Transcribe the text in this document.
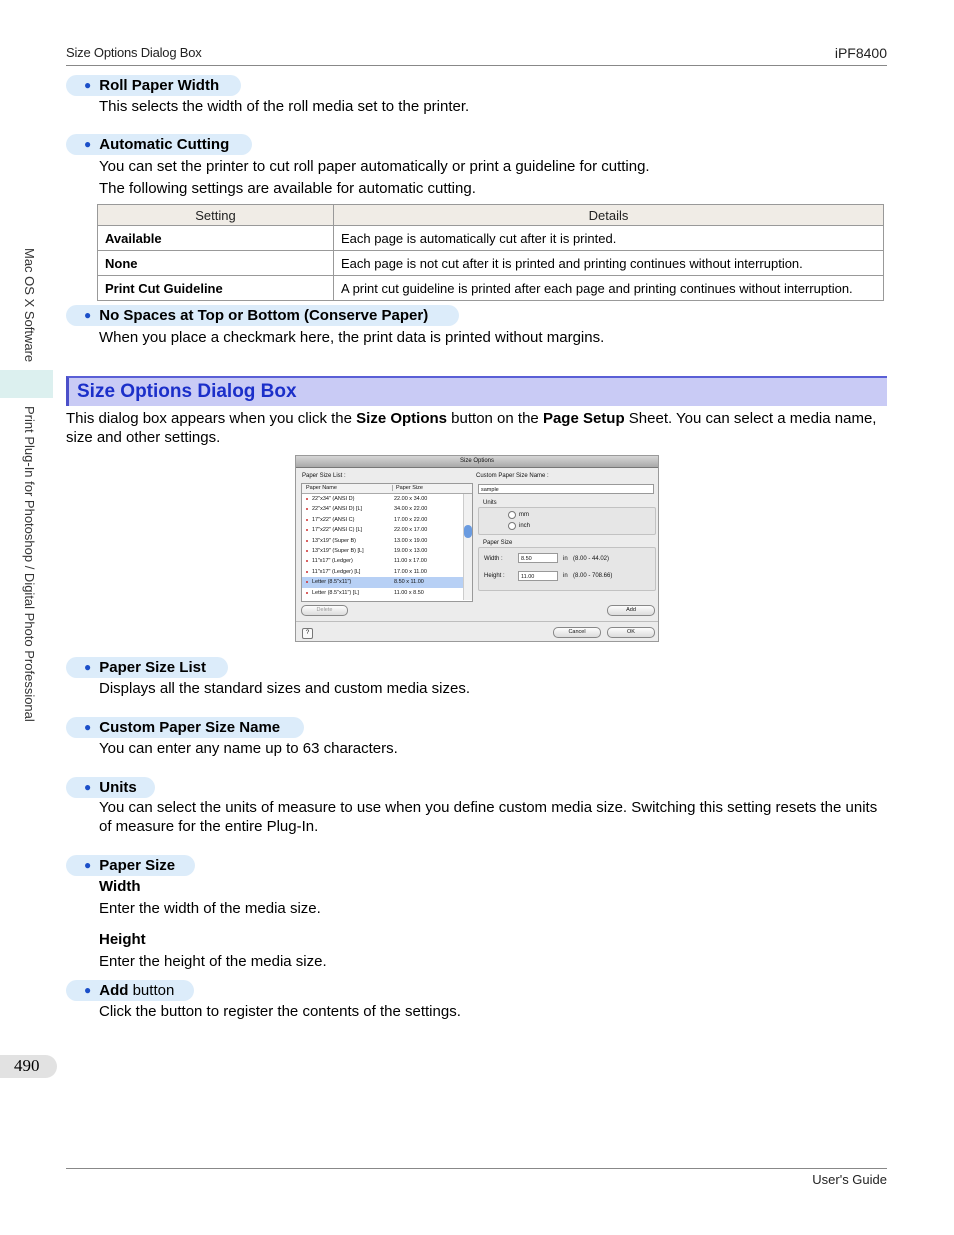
Size Options Dialog Box	iPF8400
Mac OS X Software
Print Plug-In for Photoshop / Digital Photo Professional
490
User's Guide
● Roll Paper Width
This selects the width of the roll media set to the printer.
● Automatic Cutting
You can set the printer to cut roll paper automatically or print a guideline for cutting.
The following settings are available for automatic cutting.
Setting	Details
Available	Each page is automatically cut after it is printed.
None	Each page is not cut after it is printed and printing continues without interruption.
Print Cut Guideline	A print cut guideline is printed after each page and printing continues without interruption.
● No Spaces at Top or Bottom (Conserve Paper)
When you place a checkmark here, the print data is printed without margins.
Size Options Dialog Box
This dialog box appears when you click the Size Options button on the Page Setup Sheet. You can select a media name, size and other settings.
Size Options
Paper Size List :
Paper Name	Paper Size
22"x34" (ANSI D)	22.00 x 34.00
22"x34" (ANSI D) [L]	34.00 x 22.00
17"x22" (ANSI C)	17.00 x 22.00
17"x22" (ANSI C) [L]	22.00 x 17.00
13"x19" (Super B)	13.00 x 19.00
13"x19" (Super B) [L]	19.00 x 13.00
11"x17" (Ledger)	11.00 x 17.00
11"x17" (Ledger) [L]	17.00 x 11.00
Letter (8.5"x11")	8.50 x 11.00
Letter (8.5"x11") [L]	11.00 x 8.50
Delete
Custom Paper Size Name :
sample
Units
mm
inch
Paper Size
Width :	8.50	in (8.00 - 44.02)
Height :	11.00	in (8.00 - 708.66)
Add
?	Cancel	OK
● Paper Size List
Displays all the standard sizes and custom media sizes.
● Custom Paper Size Name
You can enter any name up to 63 characters.
● Units
You can select the units of measure to use when you define custom media size. Switching this setting resets the units of measure for the entire Plug-In.
● Paper Size
Width
Enter the width of the media size.
Height
Enter the height of the media size.
● Add button
Click the button to register the contents of the settings.
